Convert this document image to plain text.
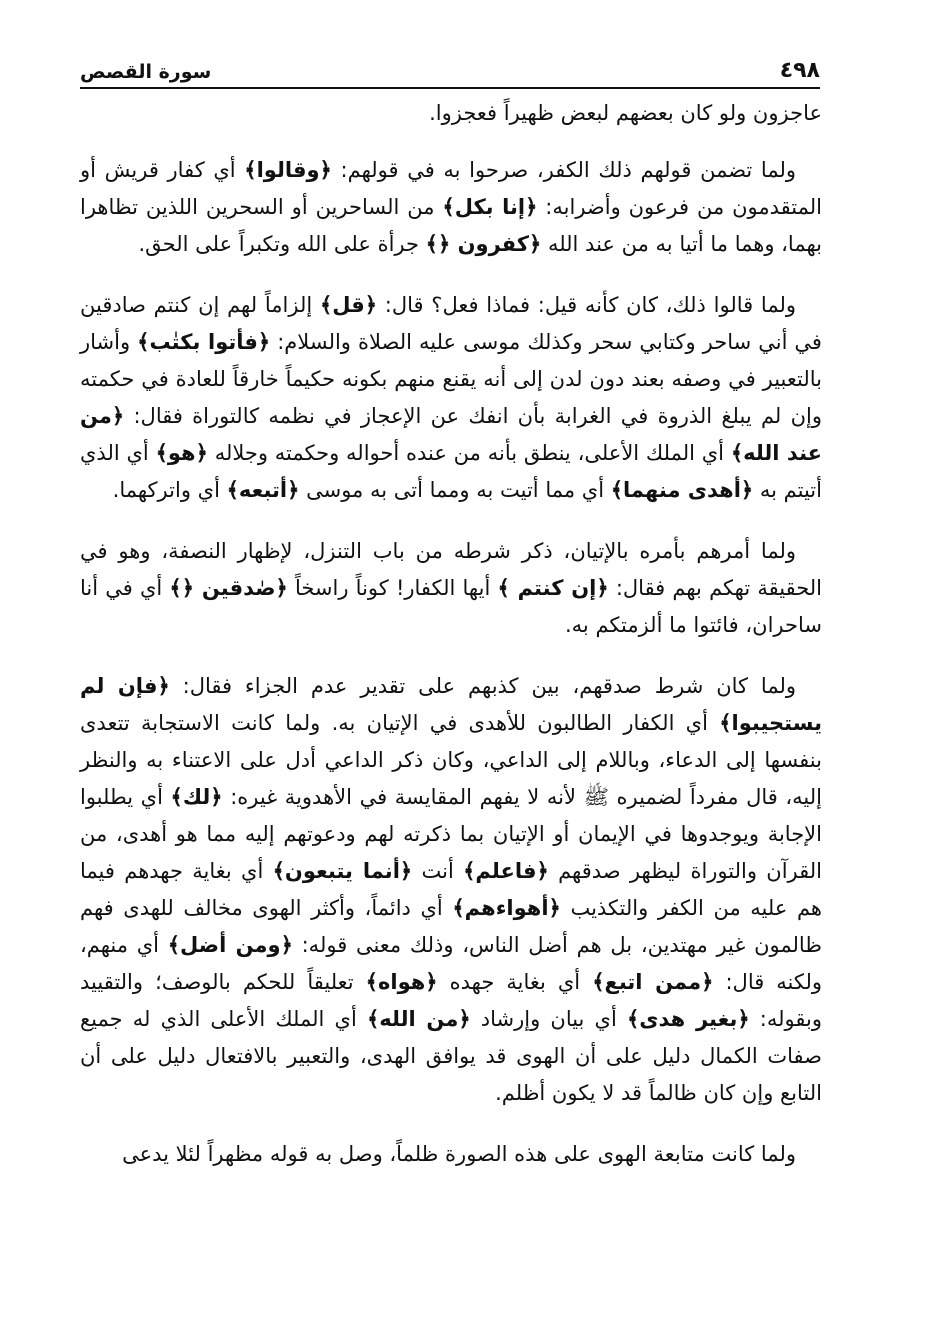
٤٩٨
سورة القصص

عاجزون ولو كان بعضهم لبعض ظهيراً فعجزوا.

ولما تضمن قولهم ذلك الكفر، صرحوا به في قولهم: ﴿وقالوا﴾ أي كفار قريش أو المتقدمون من فرعون وأضرابه: ﴿إنا بكل﴾ من الساحرين أو السحرين اللذين تظاهرا بهما، وهما ما أتيا به من عند الله ﴿كفرون ﴿﴾ جرأة على الله وتكبراً على الحق.

ولما قالوا ذلك، كان كأنه قيل: فماذا فعل؟ قال: ﴿قل﴾ إلزاماً لهم إن كنتم صادقين في أني ساحر وكتابي سحر وكذلك موسى عليه الصلاة والسلام: ﴿فأتوا بكتٰب﴾ وأشار بالتعبير في وصفه بعند دون لدن إلى أنه يقنع منهم بكونه حكيماً خارقاً للعادة في حكمته وإن لم يبلغ الذروة في الغرابة بأن انفك عن الإعجاز في نظمه كالتوراة فقال: ﴿من عند الله﴾ أي الملك الأعلى، ينطق بأنه من عنده أحواله وحكمته وجلاله ﴿هو﴾ أي الذي أتيتم به ﴿أهدى منهما﴾ أي مما أتيت به ومما أتى به موسى ﴿أتبعه﴾ أي واتركهما.

ولما أمرهم بأمره بالإتيان، ذكر شرطه من باب التنزل، لإظهار النصفة، وهو في الحقيقة تهكم بهم فقال: ﴿إن كنتم ﴾ أيها الكفار! كوناً راسخاً ﴿صٰدقين ﴿﴾ أي في أنا ساحران، فائتوا ما ألزمتكم به.

ولما كان شرط صدقهم، بين كذبهم على تقدير عدم الجزاء فقال: ﴿فإن لم يستجيبوا﴾ أي الكفار الطالبون للأهدى في الإتيان به. ولما كانت الاستجابة تتعدى بنفسها إلى الدعاء، وباللام إلى الداعي، وكان ذكر الداعي أدل على الاعتناء به والنظر إليه، قال مفرداً لضميره ﷺ لأنه لا يفهم المقايسة في الأهدوية غيره: ﴿لك﴾ أي يطلبوا الإجابة ويوجدوها في الإيمان أو الإتيان بما ذكرته لهم ودعوتهم إليه مما هو أهدى، من القرآن والتوراة ليظهر صدقهم ﴿فاعلم﴾ أنت ﴿أنما يتبعون﴾ أي بغاية جهدهم فيما هم عليه من الكفر والتكذيب ﴿أهواءهم﴾ أي دائماً، وأكثر الهوى مخالف للهدى فهم ظالمون غير مهتدين، بل هم أضل الناس، وذلك معنى قوله: ﴿ومن أضل﴾ أي منهم، ولكنه قال: ﴿ممن اتبع﴾ أي بغاية جهده ﴿هواه﴾ تعليقاً للحكم بالوصف؛ والتقييد وبقوله: ﴿بغير هدى﴾ أي بيان وإرشاد ﴿من الله﴾ أي الملك الأعلى الذي له جميع صفات الكمال دليل على أن الهوى قد يوافق الهدى، والتعبير بالافتعال دليل على أن التابع وإن كان ظالماً قد لا يكون أظلم.

ولما كانت متابعة الهوى على هذه الصورة ظلماً، وصل به قوله مظهراً لئلا يدعى
